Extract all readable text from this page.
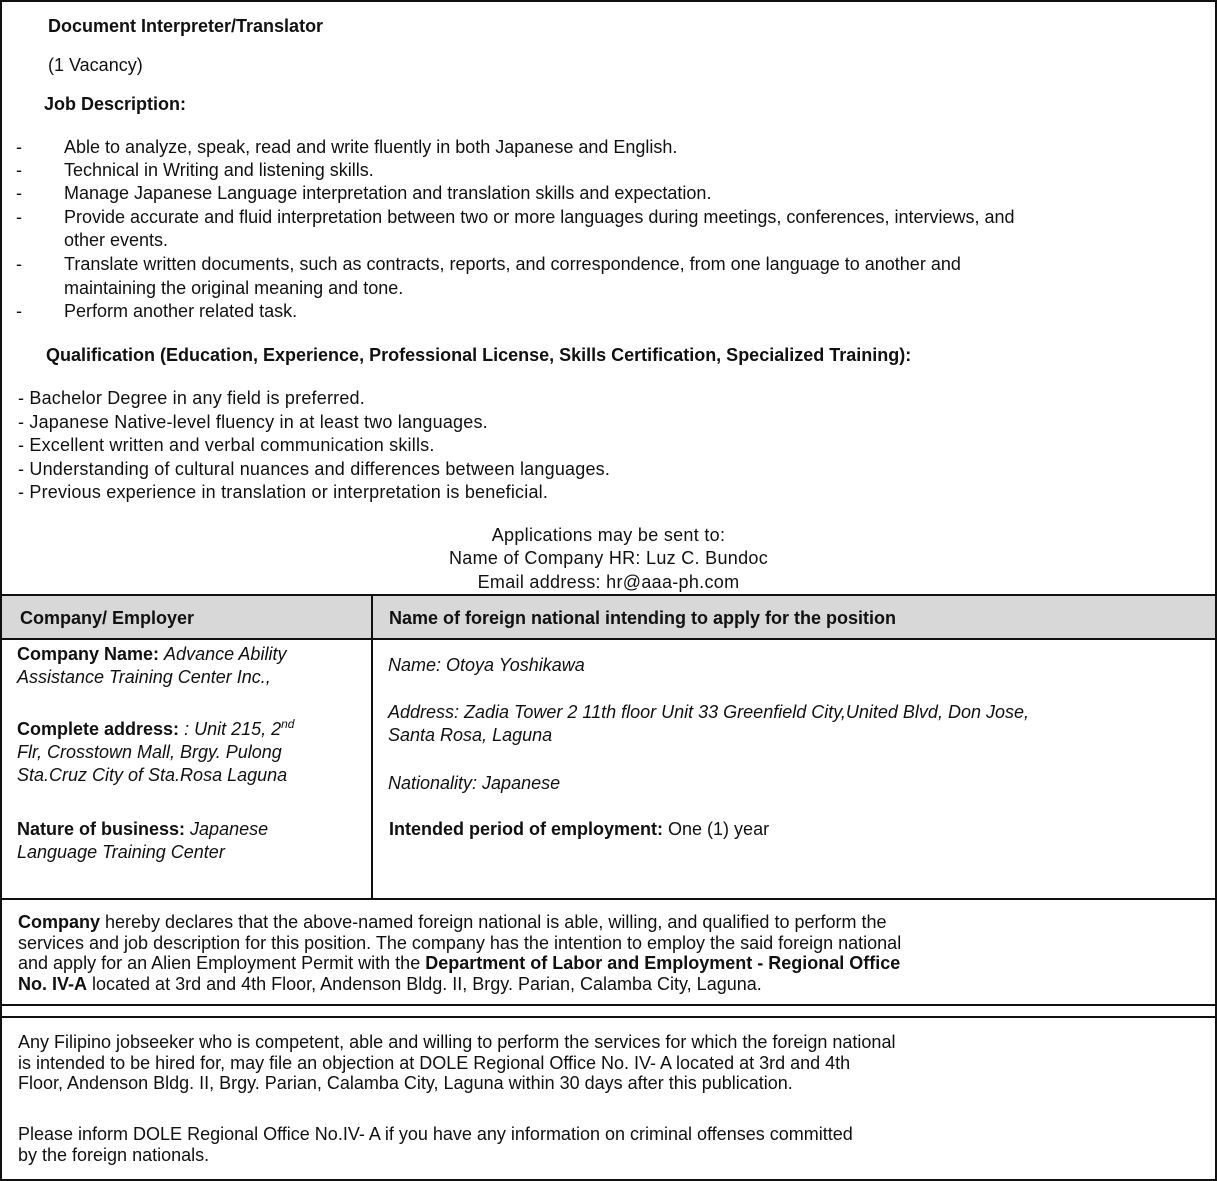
Document Interpreter/Translator
(1 Vacancy)
Job Description:
- Able to analyze, speak, read and write fluently in both Japanese and English.
- Technical in Writing and listening skills.
- Manage Japanese Language interpretation and translation skills and expectation.
- Provide accurate and fluid interpretation between two or more languages during meetings, conferences, interviews, and
other events.
- Translate written documents, such as contracts, reports, and correspondence, from one language to another and
maintaining the original meaning and tone.
- Perform another related task.
Qualification (Education, Experience, Professional License, Skills Certification, Specialized Training):
- Bachelor Degree in any field is preferred.
- Japanese Native-level fluency in at least two languages.
- Excellent written and verbal communication skills.
- Understanding of cultural nuances and differences between languages.
- Previous experience in translation or interpretation is beneficial.
Applications may be sent to:
Name of Company HR: Luz C. Bundoc
Email address: hr@aaa-ph.com
Company/ Employer	Name of foreign national intending to apply for the position
Company Name: Advance Ability
Assistance Training Center Inc.,
Complete address: : Unit 215, 2nd
Flr, Crosstown Mall, Brgy. Pulong
Sta.Cruz City of Sta.Rosa Laguna
Nature of business: Japanese
Language Training Center
Name: Otoya Yoshikawa
Address: Zadia Tower 2 11th floor Unit 33 Greenfield City,United Blvd, Don Jose,
Santa Rosa, Laguna
Nationality: Japanese
Intended period of employment: One (1) year
Company hereby declares that the above-named foreign national is able, willing, and qualified to perform the
services and job description for this position. The company has the intention to employ the said foreign national
and apply for an Alien Employment Permit with the Department of Labor and Employment - Regional Office
No. IV-A located at 3rd and 4th Floor, Andenson Bldg. II, Brgy. Parian, Calamba City, Laguna.
Any Filipino jobseeker who is competent, able and willing to perform the services for which the foreign national
is intended to be hired for, may file an objection at DOLE Regional Office No. IV- A located at 3rd and 4th
Floor, Andenson Bldg. II, Brgy. Parian, Calamba City, Laguna within 30 days after this publication.
Please inform DOLE Regional Office No.IV- A if you have any information on criminal offenses committed
by the foreign nationals.
